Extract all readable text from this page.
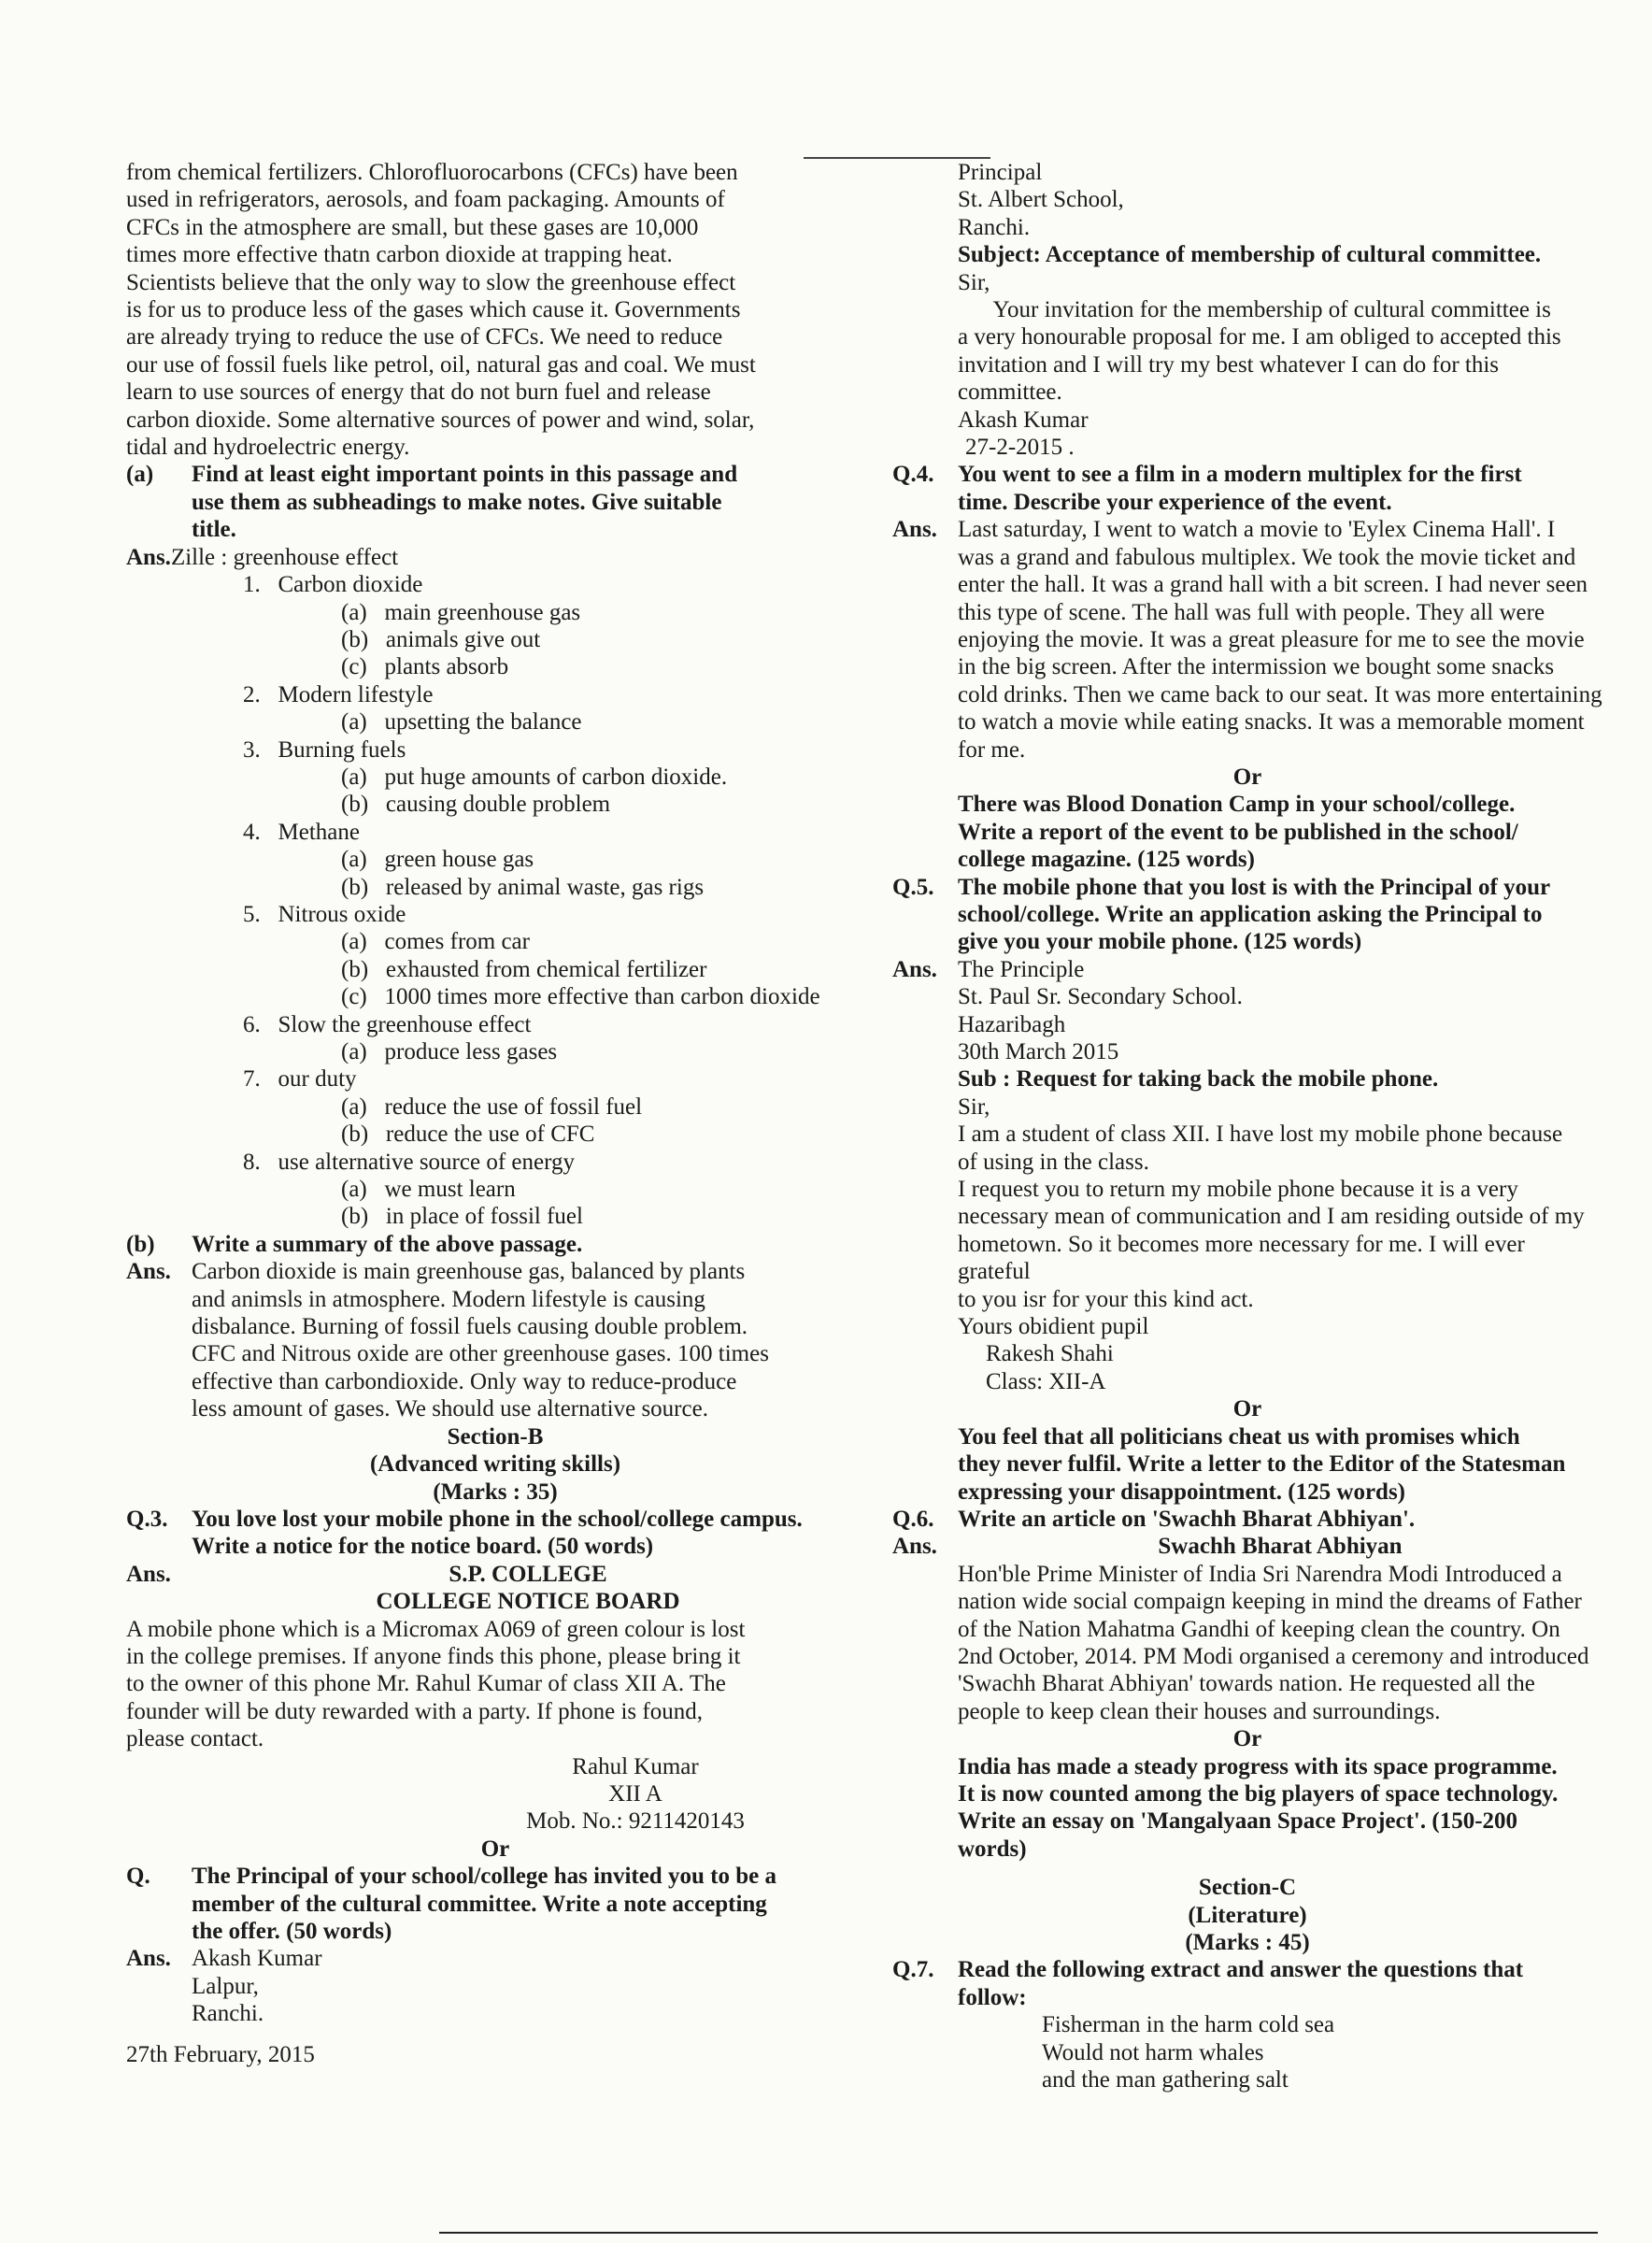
from chemical fertilizers. Chlorofluorocarbons (CFCs) have been
used in refrigerators, aerosols, and foam packaging. Amounts of
CFCs in the atmosphere are small, but these gases are 10,000
times more effective thatn carbon dioxide at trapping heat.
Scientists believe that the only way to slow the greenhouse effect
is for us to produce less of the gases which cause it. Governments
are already trying to reduce the use of CFCs. We need to reduce
our use of fossil fuels like petrol, oil, natural gas and coal. We must
learn to use sources of energy that do not burn fuel and release
carbon dioxide. Some alternative sources of power and wind, solar,
tidal and hydroelectric energy.
(a)	Find at least eight important points in this passage and
use them as subheadings to make notes. Give suitable
title.
Ans.Zille : greenhouse effect
1.   Carbon dioxide
(a)   main greenhouse gas
(b)   animals give out
(c)   plants absorb
2.   Modern lifestyle
(a)   upsetting the balance
3.   Burning fuels
(a)   put huge amounts of carbon dioxide.
(b)   causing double problem
4.   Methane
(a)   green house gas
(b)   released by animal waste, gas rigs
5.   Nitrous oxide
(a)   comes from car
(b)   exhausted from chemical fertilizer
(c)   1000 times more effective than carbon dioxide
6.   Slow the greenhouse effect
(a)   produce less gases
7.   our duty
(a)   reduce the use of fossil fuel
(b)   reduce the use of CFC
8.   use alternative source of energy
(a)   we must learn
(b)   in place of fossil fuel
(b)	Write a summary of the above passage.
Ans. Carbon dioxide is main greenhouse gas, balanced by plants
and animsls in atmosphere. Modern lifestyle is causing
disbalance. Burning of fossil fuels causing double problem.
CFC and Nitrous oxide are other greenhouse gases. 100 times
effective than carbondioxide. Only way to reduce-produce
less amount of gases. We should use alternative source.
Section-B
(Advanced writing skills)
(Marks : 35)
Q.3.	You love lost your mobile phone in the school/college campus.
Write a notice for the notice board. (50 words)
Ans.	S.P. COLLEGE
COLLEGE NOTICE BOARD
A mobile phone which is a Micromax A069 of green colour is lost
in the college premises. If anyone finds this phone, please bring it
to the owner of this phone Mr. Rahul Kumar of class XII A. The
founder will be duty rewarded with a party. If phone is found,
please contact.
Rahul Kumar
XII A
Mob. No.: 9211420143
Or
Q.	The Principal of your school/college has invited you to be a
member of the cultural committee. Write a note accepting
the offer. (50 words)
Ans. Akash Kumar
Lalpur,
Ranchi.
27th February, 2015
Principal
St. Albert School,
Ranchi.
Subject: Acceptance of membership of cultural committee.
Sir,
Your invitation for the membership of cultural committee is
a very honourable proposal for me. I am obliged to accepted this
invitation and I will try my best whatever I can do for this
committee.
Akash Kumar
27-2-2015 .
Q.4.	You went to see a film in a modern multiplex for the first
time. Describe your experience of the event.
Ans. Last saturday, I went to watch a movie to 'Eylex Cinema Hall'. I
was a grand and fabulous multiplex. We took the movie ticket and
enter the hall. It was a grand hall with a bit screen. I had never seen
this type of scene. The hall was full with people. They all were
enjoying the movie. It was a great pleasure for me to see the movie
in the big screen. After the intermission we bought some snacks
cold drinks. Then we came back to our seat. It was more entertaining
to watch a movie while eating snacks. It was a memorable moment
for me.
Or
There was Blood Donation Camp in your school/college.
Write a report of the event to be published in the school/
college magazine. (125 words)
Q.5.	The mobile phone that you lost is with the Principal of your
school/college. Write an application asking the Principal to
give you your mobile phone. (125 words)
Ans. The Principle
St. Paul Sr. Secondary School.
Hazaribagh
30th March 2015
Sub : Request for taking back the mobile phone.
Sir,
I am a student of class XII. I have lost my mobile phone because
of using in the class.
I request you to return my mobile phone because it is a very
necessary mean of communication and I am residing outside of my
hometown. So it becomes more necessary for me. I will ever grateful
to you isr for your this kind act.
Yours obidient pupil
Rakesh Shahi
Class: XII-A
Or
You feel that all politicians cheat us with promises which
they never fulfil. Write a letter to the Editor of the Statesman
expressing your disappointment. (125 words)
Q.6.	Write an article on 'Swachh Bharat Abhiyan'.
Ans.	Swachh Bharat Abhiyan
Hon'ble Prime Minister of India Sri Narendra Modi Introduced a
nation wide social compaign keeping in mind the dreams of Father
of the Nation Mahatma Gandhi of keeping clean the country. On
2nd October, 2014. PM Modi organised a ceremony and introduced
'Swachh Bharat Abhiyan' towards nation. He requested all the
people to keep clean their houses and surroundings.
Or
India has made a steady progress with its space programme.
It is now counted among the big players of space technology.
Write an essay on 'Mangalyaan Space Project'. (150-200
words)
Section-C
(Literature)
(Marks : 45)
Q.7.	Read the following extract and answer the questions that
follow:
Fisherman in the harm cold sea
Would not harm whales
and the man gathering salt
